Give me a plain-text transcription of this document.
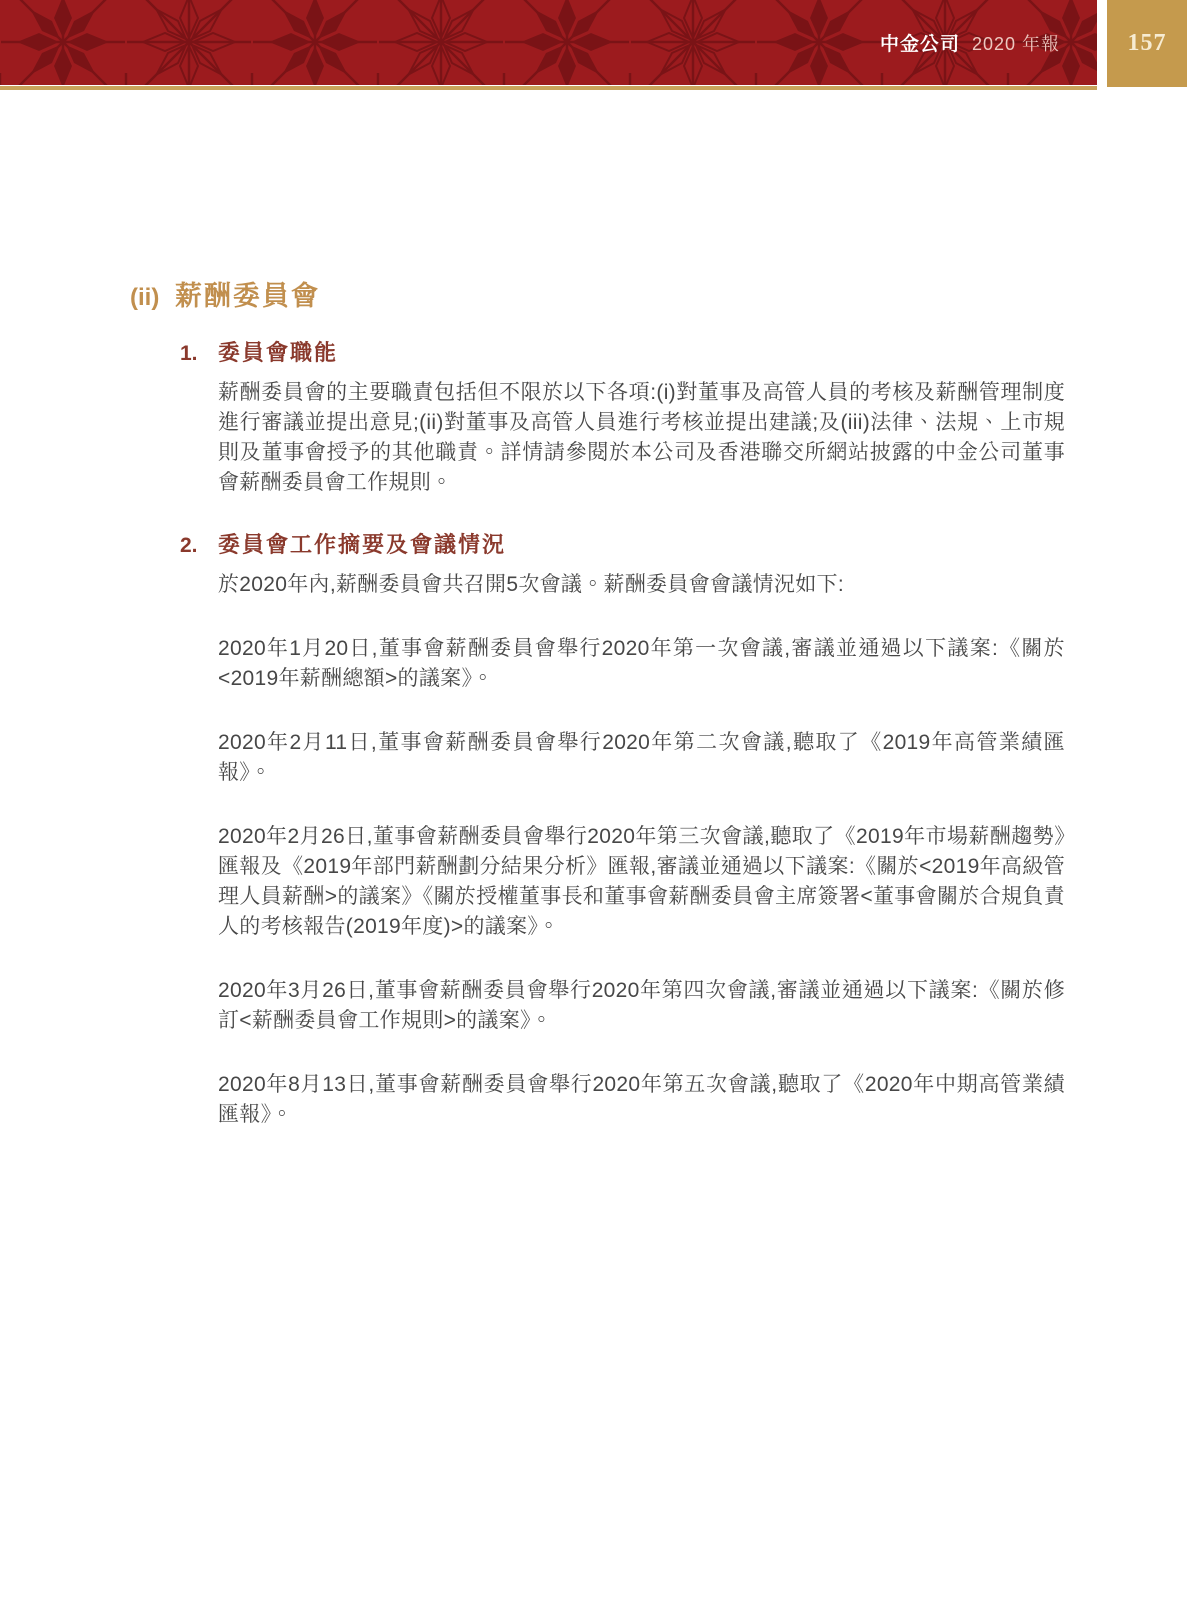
中金公司 2020 年報	157
(ii) 薪酬委員會
1. 委員會職能

薪酬委員會的主要職責包括但不限於以下各項:(i)對董事及高管人員的考核及薪酬管理制度進行審議並提出意見;(ii)對董事及高管人員進行考核並提出建議;及(iii)法律、法規、上市規則及董事會授予的其他職責。詳情請參閱於本公司及香港聯交所網站披露的中金公司董事會薪酬委員會工作規則。

2. 委員會工作摘要及會議情況

於2020年內,薪酬委員會共召開5次會議。薪酬委員會會議情況如下:

2020年1月20日,董事會薪酬委員會舉行2020年第一次會議,審議並通過以下議案:《關於<2019年薪酬總額>的議案》。

2020年2月11日,董事會薪酬委員會舉行2020年第二次會議,聽取了《2019年高管業績匯報》。

2020年2月26日,董事會薪酬委員會舉行2020年第三次會議,聽取了《2019年市場薪酬趨勢》匯報及《2019年部門薪酬劃分結果分析》匯報,審議並通過以下議案:《關於<2019年高級管理人員薪酬>的議案》《關於授權董事長和董事會薪酬委員會主席簽署<董事會關於合規負責人的考核報告(2019年度)>的議案》。

2020年3月26日,董事會薪酬委員會舉行2020年第四次會議,審議並通過以下議案:《關於修訂<薪酬委員會工作規則>的議案》。

2020年8月13日,董事會薪酬委員會舉行2020年第五次會議,聽取了《2020年中期高管業績匯報》。
